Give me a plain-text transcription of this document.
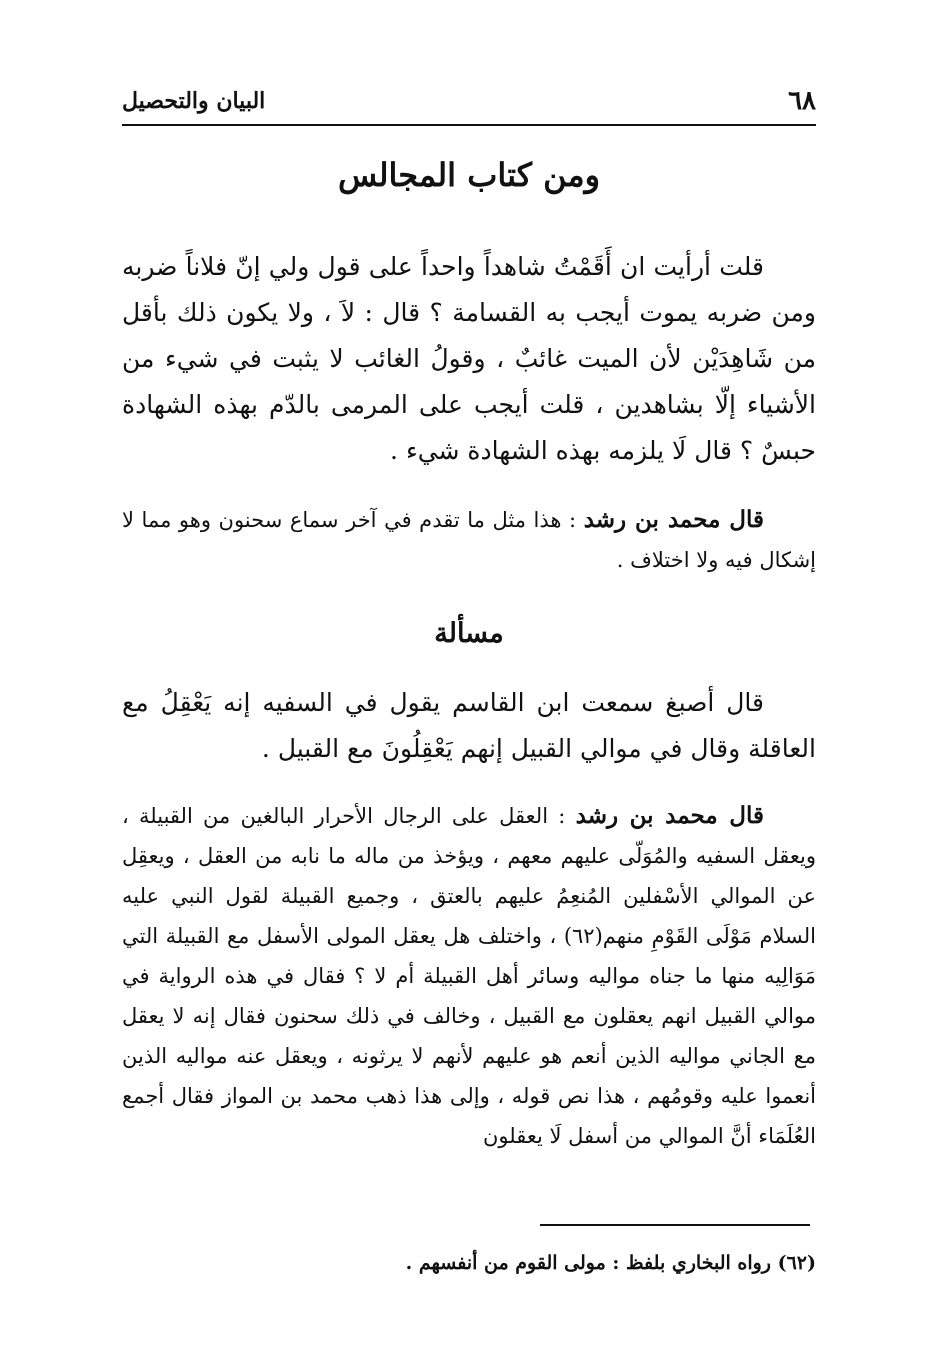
٦٨
البيان والتحصيل
ومن كتاب المجالس

قلت أرأيت ان أَقَمْتُ شاهداً واحداً على قول ولي إنّ فلاناً ضربه ومن ضربه يموت أيجب به القسامة ؟ قال : لاَ ، ولا يكون ذلك بأقل من شَاهِدَيْن لأن الميت غائبٌ ، وقولُ الغائب لا يثبت في شيء من الأشياء إلّا بشاهدين ، قلت أيجب على المرمى بالدّم بهذه الشهادة حبسٌ ؟ قال لَا يلزمه بهذه الشهادة شيء .

قال محمد بن رشد : هذا مثل ما تقدم في آخر سماع سحنون وهو مما لا إشكال فيه ولا اختلاف .

مسألة

قال أصبغ سمعت ابن القاسم يقول في السفيه إنه يَعْقِلُ مع العاقلة وقال في موالي القبيل إنهم يَعْقِلُونَ مع القبيل .

قال محمد بن رشد : العقل على الرجال الأحرار البالغين من القبيلة ، ويعقل السفيه والمُوَلّى عليهم معهم ، ويؤخذ من ماله ما نابه من العقل ، ويعقِل عن الموالي الأسْفلين المُنعِمُ عليهم بالعتق ، وجميع القبيلة لقول النبي عليه السلام مَوْلَى القَوْمِ منهم(٦٢) ، واختلف هل يعقل المولى الأسفل مع القبيلة التي مَوَالِيه منها ما جناه مواليه وسائر أهل القبيلة أم لا ؟ فقال في هذه الرواية في موالي القبيل انهم يعقلون مع القبيل ، وخالف في ذلك سحنون فقال إنه لا يعقل مع الجاني مواليه الذين أنعم هو عليهم لأنهم لا يرثونه ، ويعقل عنه مواليه الذين أنعموا عليه وقومُهم ، هذا نص قوله ، وإلى هذا ذهب محمد بن المواز فقال أجمع العُلَمَاء أنَّ الموالي من أسفل لَا يعقلون

(٦٢) رواه البخاري بلفظ : مولى القوم من أنفسهم .
